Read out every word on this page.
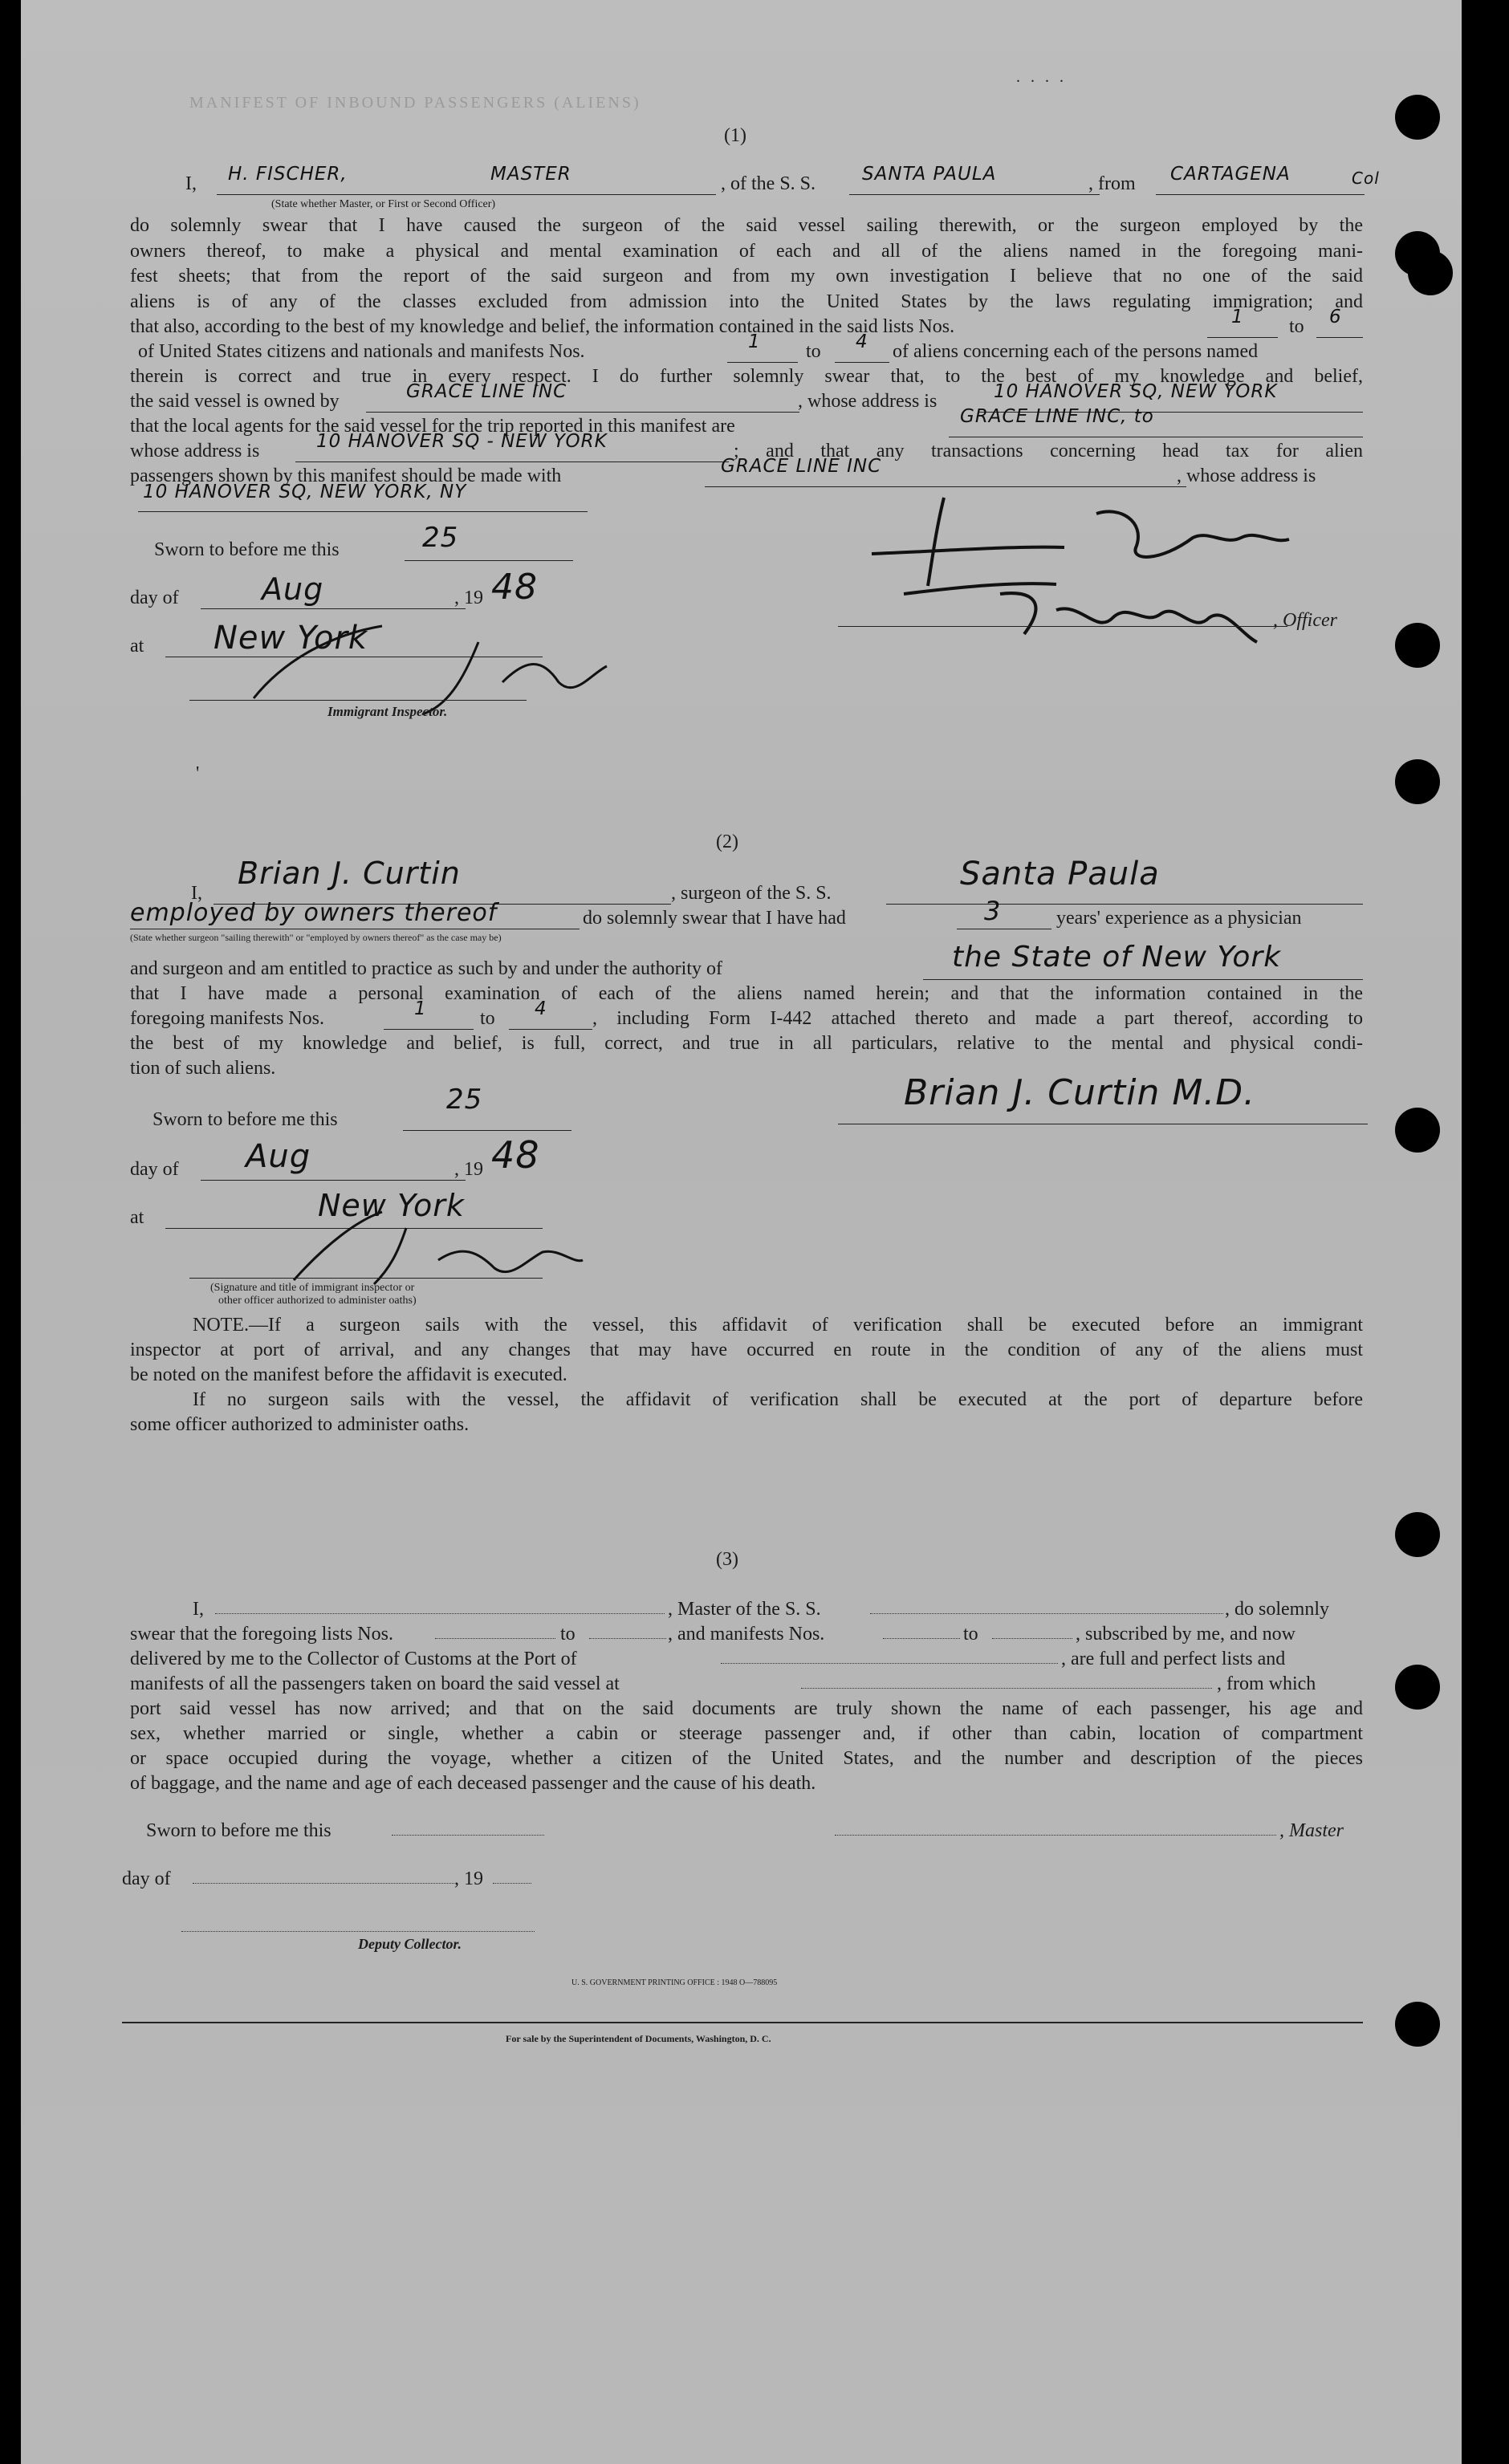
MANIFEST OF INBOUND PASSENGERS (ALIENS)
. . . .
(1)
I, H. FISCHER,	MASTER
(State whether Master, or First or Second Officer)
, of the S. S.	SANTA PAULA	, from CARTAGENA	Col
do solemnly swear that I have caused the surgeon of the said vessel sailing therewith, or the surgeon employed by the
owners thereof, to make a physical and mental examination of each and all of the aliens named in the foregoing mani-
fest sheets; that from the report of the said surgeon and from my own investigation I believe that no one of the said
aliens is of any of the classes excluded from admission into the United States by the laws regulating immigration; and
that also, according to the best of my knowledge and belief, the information contained in the said lists Nos.	1 to 6
of United States citizens and nationals and manifests Nos.	1 to 4 of aliens concerning each of the persons named
therein is correct and true in every respect. I do further solemnly swear that, to the best of my knowledge and belief,
the said vessel is owned by	GRACE LINE INC	, whose address is	10 HANOVER SQ, NEW YORK
that the local agents for the said vessel for the trip reported in this manifest are	GRACE LINE INC, to
whose address is	10 HANOVER SQ - NEW YORK	; and that any transactions concerning head tax for alien
passengers shown by this manifest should be made with	GRACE LINE INC	, whose address is
10 HANOVER SQ, NEW YORK, NY
Sworn to before me this	25
day of	Aug	, 19 48
at New York
Immigrant Inspector.
, Officer
'
(2)
I,
Brian J. Curtin
, surgeon of the S. S.
Santa Paula
employed by owners thereof	do solemnly swear that I have had	3	years' experience as a physician
(State whether surgeon "sailing therewith" or "employed by owners thereof" as the case may be)
and surgeon and am entitled to practice as such by and under the authority of	the State of New York
that I have made a personal examination of each of the aliens named herein; and that the information contained in the
foregoing manifests Nos.	1	to 4 , including Form I-442 attached thereto and made a part thereof, according to
the best of my knowledge and belief, is full, correct, and true in all particulars, relative to the mental and physical condi-
tion of such aliens.
Brian J. Curtin M.D.
Sworn to before me this
25
day of Aug	, 19 48
at	New York
(Signature and title of immigrant inspector or
other officer authorized to administer oaths)
NOTE.—If a surgeon sails with the vessel, this affidavit of verification shall be executed before an immigrant
inspector at port of arrival, and any changes that may have occurred en route in the condition of any of the aliens must
be noted on the manifest before the affidavit is executed.
If no surgeon sails with the vessel, the affidavit of verification shall be executed at the port of departure before
some officer authorized to administer oaths.
(3)
I,	, Master of the S. S.	, do solemnly
swear that the foregoing lists Nos.	to	, and manifests Nos.	to	, subscribed by me, and now
delivered by me to the Collector of Customs at the Port of	, are full and perfect lists and
manifests of all the passengers taken on board the said vessel at	, from which
port said vessel has now arrived; and that on the said documents are truly shown the name of each passenger, his age and
sex, whether married or single, whether a cabin or steerage passenger and, if other than cabin, location of compartment
or space occupied during the voyage, whether a citizen of the United States, and the number and description of the pieces
of baggage, and the name and age of each deceased passenger and the cause of his death.
Sworn to before me this	, Master
day of	, 19
Deputy Collector.
U. S. GOVERNMENT PRINTING OFFICE : 1948 O—788095
For sale by the Superintendent of Documents, Washington, D. C.
